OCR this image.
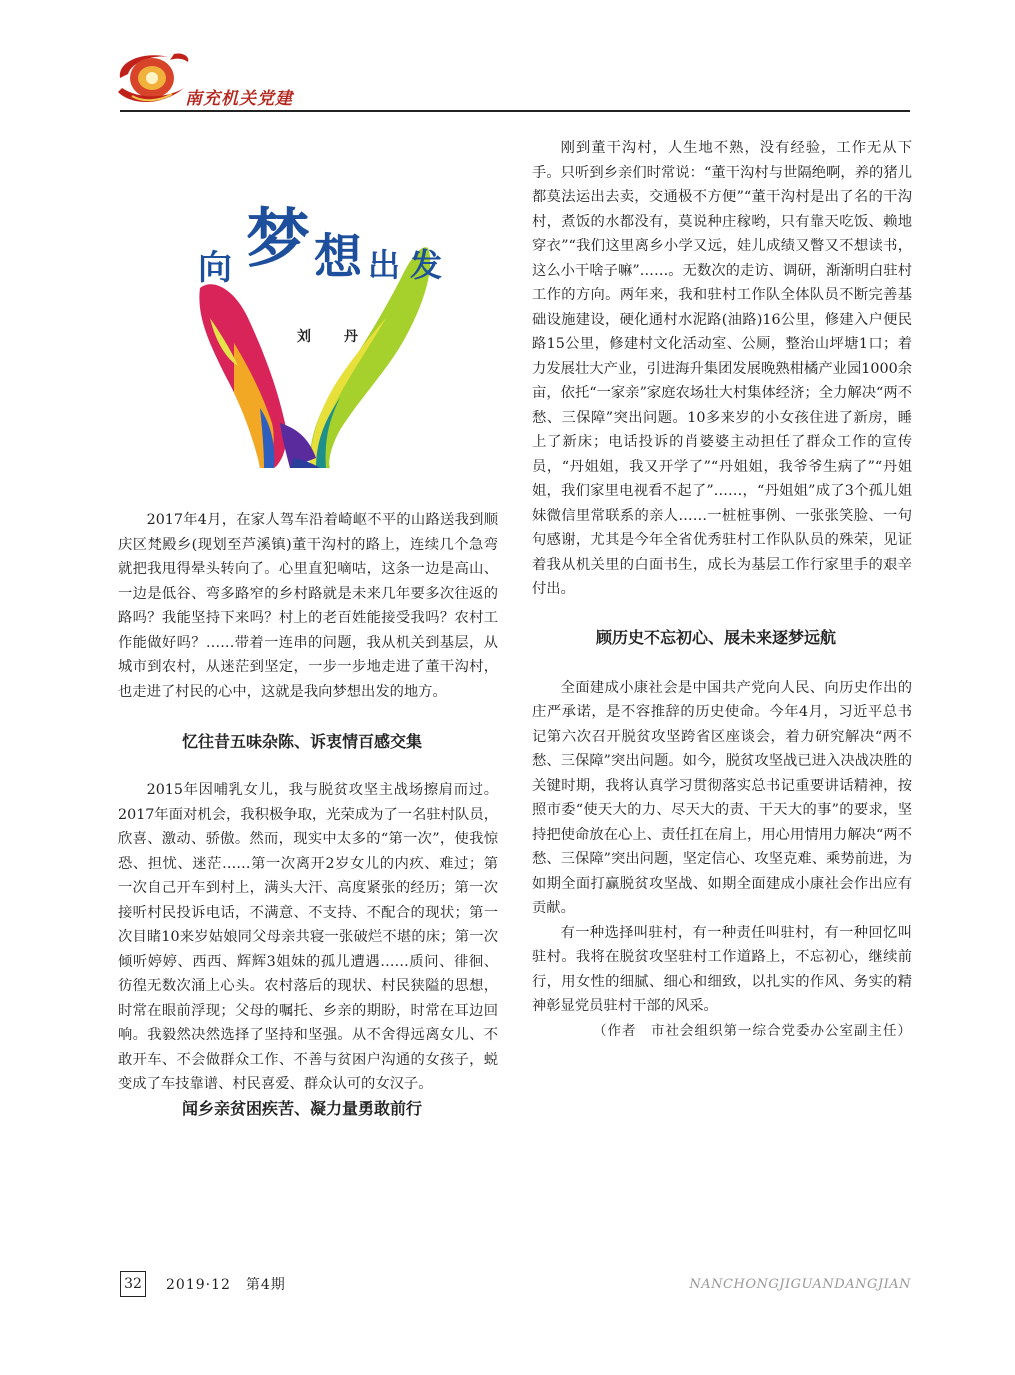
南充机关党建
向 梦 想 出 发
刘 丹

2017年4月，在家人驾车沿着崎岖不平的山路送我到顺庆区梵殿乡(现划至芦溪镇)董干沟村的路上，连续几个急弯就把我甩得晕头转向了。心里直犯嘀咕，这条一边是高山、一边是低谷、弯多路窄的乡村路就是未来几年要多次往返的路吗？我能坚持下来吗？村上的老百姓能接受我吗？农村工作能做好吗？……带着一连串的问题，我从机关到基层，从城市到农村，从迷茫到坚定，一步一步地走进了董干沟村，也走进了村民的心中，这就是我向梦想出发的地方。

忆往昔五味杂陈、诉衷情百感交集

2015年因哺乳女儿，我与脱贫攻坚主战场擦肩而过。2017年面对机会，我积极争取，光荣成为了一名驻村队员，欣喜、激动、骄傲。然而，现实中太多的“第一次”，使我惊恐、担忧、迷茫……第一次离开2岁女儿的内疚、难过；第一次自己开车到村上，满头大汗、高度紧张的经历；第一次接听村民投诉电话，不满意、不支持、不配合的现状；第一次目睹10来岁姑娘同父母亲共寝一张破烂不堪的床；第一次倾听婷婷、西西、辉辉3姐妹的孤儿遭遇……质问、徘徊、彷徨无数次涌上心头。农村落后的现状、村民狭隘的思想，时常在眼前浮现；父母的嘱托、乡亲的期盼，时常在耳边回响。我毅然决然选择了坚持和坚强。从不舍得远离女儿、不敢开车、不会做群众工作、不善与贫困户沟通的女孩子，蜕变成了车技靠谱、村民喜爱、群众认可的女汉子。

闻乡亲贫困疾苦、凝力量勇敢前行

刚到董干沟村，人生地不熟，没有经验，工作无从下手。只听到乡亲们时常说：“董干沟村与世隔绝啊，养的猪儿都莫法运出去卖，交通极不方便”“董干沟村是出了名的干沟村，煮饭的水都没有，莫说种庄稼哟，只有靠天吃饭、赖地穿衣”“我们这里离乡小学又远，娃儿成绩又瞥又不想读书，这么小干啥子嘛”……。无数次的走访、调研，渐渐明白驻村工作的方向。两年来，我和驻村工作队全体队员不断完善基础设施建设，硬化通村水泥路(油路)16公里，修建入户便民路15公里，修建村文化活动室、公厕，整治山坪塘1口；着力发展壮大产业，引进海升集团发展晚熟柑橘产业园1000余亩，依托“一家亲”家庭农场壮大村集体经济；全力解决“两不愁、三保障”突出问题。10多来岁的小女孩住进了新房，睡上了新床；电话投诉的肖婆婆主动担任了群众工作的宣传员，“丹姐姐，我又开学了”“丹姐姐，我爷爷生病了”“丹姐姐，我们家里电视看不起了”……，“丹姐姐”成了3个孤儿姐妹微信里常联系的亲人……一桩桩事例、一张张笑脸、一句句感谢，尤其是今年全省优秀驻村工作队队员的殊荣，见证着我从机关里的白面书生，成长为基层工作行家里手的艰辛付出。

顾历史不忘初心、展未来逐梦远航

全面建成小康社会是中国共产党向人民、向历史作出的庄严承诺，是不容推辞的历史使命。今年4月，习近平总书记第六次召开脱贫攻坚跨省区座谈会，着力研究解决“两不愁、三保障”突出问题。如今，脱贫攻坚战已进入决战决胜的关键时期，我将认真学习贯彻落实总书记重要讲话精神，按照市委“使天大的力、尽天大的责、干天大的事”的要求，坚持把使命放在心上、责任扛在肩上，用心用情用力解决“两不愁、三保障”突出问题，坚定信心、攻坚克难、乘势前进，为如期全面打赢脱贫攻坚战、如期全面建成小康社会作出应有贡献。

有一种选择叫驻村，有一种责任叫驻村，有一种回忆叫驻村。我将在脱贫攻坚驻村工作道路上，不忘初心，继续前行，用女性的细腻、细心和细致，以扎实的作风、务实的精神彰显党员驻村干部的风采。

（作者　市社会组织第一综合党委办公室副主任）

32 2019·12　第4期	NANCHONGJIGUANDANGJIAN
